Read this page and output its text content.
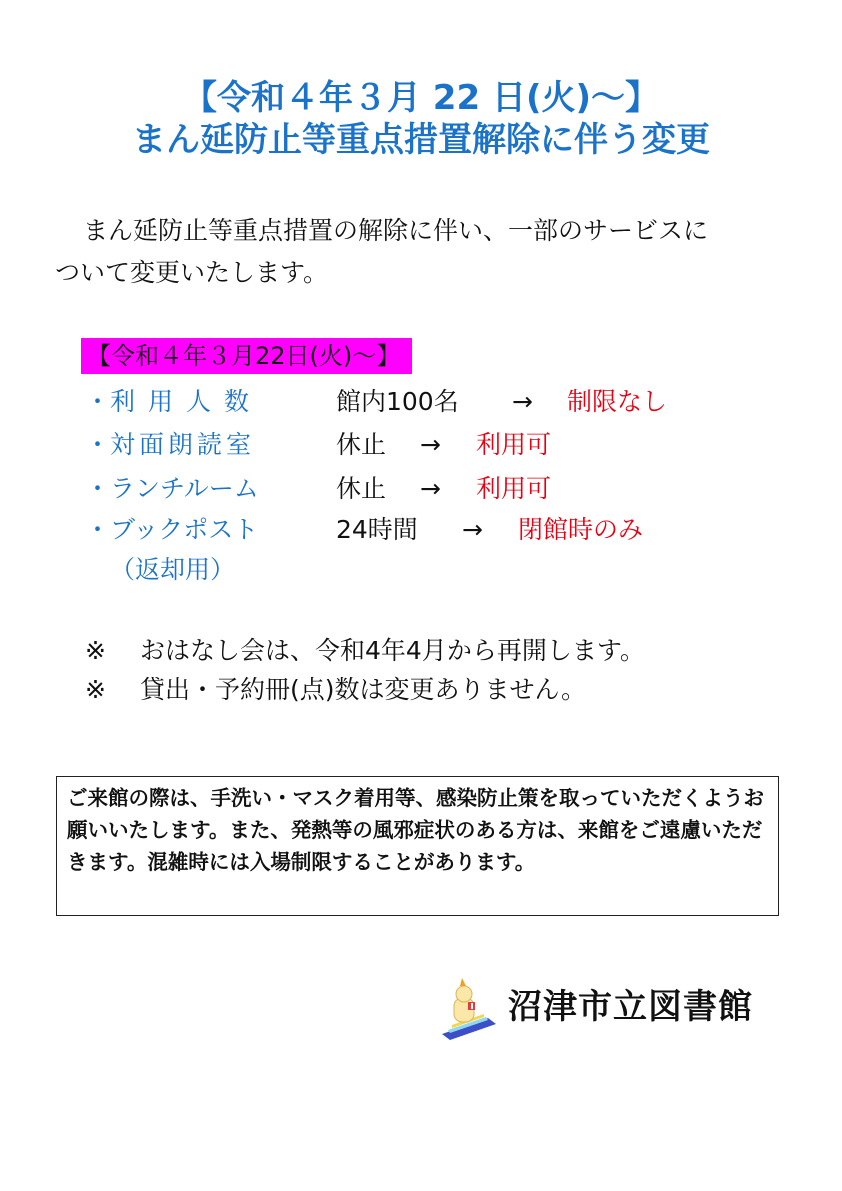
【令和４年３月 22 日(火)～】
まん延防止等重点措置解除に伴う変更

まん延防止等重点措置の解除に伴い、一部のサービスに

ついて変更いたします。

【令和４年３月22日(火)～】
・利用人数	館内100名 → 制限なし
・対面朗読室	休止 → 利用可
・ランチルーム	休止 → 利用可
・ブックポスト	24時間 → 閉館時のみ
（返却用）
※ おはなし会は、令和4年4月から再開します。
※ 貸出・予約冊(点)数は変更ありません。
ご来館の際は、手洗い・マスク着用等、感染防止策を取っていただくようお願いいたします。また、発熱等の風邪症状のある方は、来館をご遠慮いただきます。混雑時には入場制限することがあります。
沼津市立図書館
